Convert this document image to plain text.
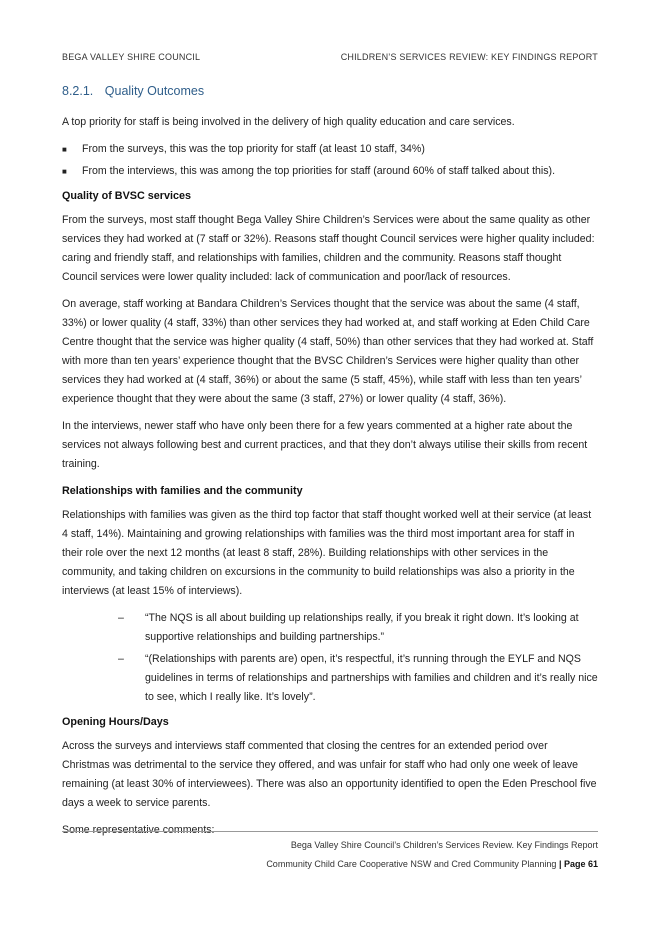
BEGA VALLEY SHIRE COUNCIL	CHILDREN’S SERVICES REVIEW: KEY FINDINGS REPORT
8.2.1. Quality Outcomes

A top priority for staff is being involved in the delivery of high quality education and care services.

■ From the surveys, this was the top priority for staff (at least 10 staff, 34%)
■ From the interviews, this was among the top priorities for staff (around 60% of staff talked about this).
Quality of BVSC services

From the surveys, most staff thought Bega Valley Shire Children’s Services were about the same quality as other services they had worked at (7 staff or 32%). Reasons staff thought Council services were higher quality included: caring and friendly staff, and relationships with families, children and the community. Reasons staff thought Council services were lower quality included: lack of communication and poor/lack of resources.

On average, staff working at Bandara Children’s Services thought that the service was about the same (4 staff, 33%) or lower quality (4 staff, 33%) than other services they had worked at, and staff working at Eden Child Care Centre thought that the service was higher quality (4 staff, 50%) than other services that they had worked at. Staff with more than ten years’ experience thought that the BVSC Children’s Services were higher quality than other services they had worked at (4 staff, 36%) or about the same (5 staff, 45%), while staff with less than ten years’ experience thought that they were about the same (3 staff, 27%) or lower quality (4 staff, 36%).

In the interviews, newer staff who have only been there for a few years commented at a higher rate about the services not always following best and current practices, and that they don’t always utilise their skills from recent training.

Relationships with families and the community

Relationships with families was given as the third top factor that staff thought worked well at their service (at least 4 staff, 14%). Maintaining and growing relationships with families was the third most important area for staff in their role over the next 12 months (at least 8 staff, 28%). Building relationships with other services in the community, and taking children on excursions in the community to build relationships was also a priority in the interviews (at least 15% of interviews).

– “The NQS is all about building up relationships really, if you break it right down. It’s looking at supportive relationships and building partnerships.”
– “(Relationships with parents are) open, it’s respectful, it’s running through the EYLF and NQS guidelines in terms of relationships and partnerships with families and children and it’s really nice to see, which I really like. It’s lovely”.
Opening Hours/Days

Across the surveys and interviews staff commented that closing the centres for an extended period over Christmas was detrimental to the service they offered, and was unfair for staff who had only one week of leave remaining (at least 30% of interviewees). There was also an opportunity identified to open the Eden Preschool five days a week to service parents.

Some representative comments:

Bega Valley Shire Council’s Children’s Services Review. Key Findings Report
Community Child Care Cooperative NSW and Cred Community Planning | Page 61
